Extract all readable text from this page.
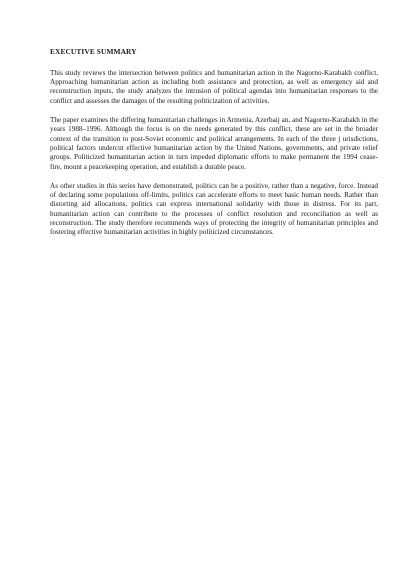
EXECUTIVE SUMMARY

This study reviews the intersection between politics and humanitarian action in the Nagorno-Karabakh conflict. Approaching humanitarian action as including both assistance and protection, as well as emergency aid and reconstruction inputs, the study analyzes the intrusion of political agendas into humanitarian responses to the conflict and assesses the damages of the resulting politicization of activities.

The paper examines the differing humanitarian challenges in Armenia, Azerbaij an, and Nagorno-Karabakh in the years 1988–1996. Although the focus is on the needs generated by this conflict, these are set in the broader context of the transition to post-Soviet economic and political arrangements. In each of the three j urisdictions, political factors undercut effective humanitarian action by the United Nations, governments, and private relief groups. Politicized humanitarian action in turn impeded diplomatic efforts to make permanent the 1994 cease-fire, mount a peacekeeping operation, and establish a durable peace.

As other studies in this series have demonstrated, politics can be a positive, rather than a negative, force. Instead of declaring some populations off-limits, politics can accelerate efforts to meet basic human needs. Rather than distorting aid allocations, politics can express international solidarity with those in distress. For its part, humanitarian action can contribute to the processes of conflict resolution and reconciliation as well as reconstruction. The study therefore recommends ways of protecting the integrity of humanitarian principles and fostering effective humanitarian activities in highly politicized circumstances.
